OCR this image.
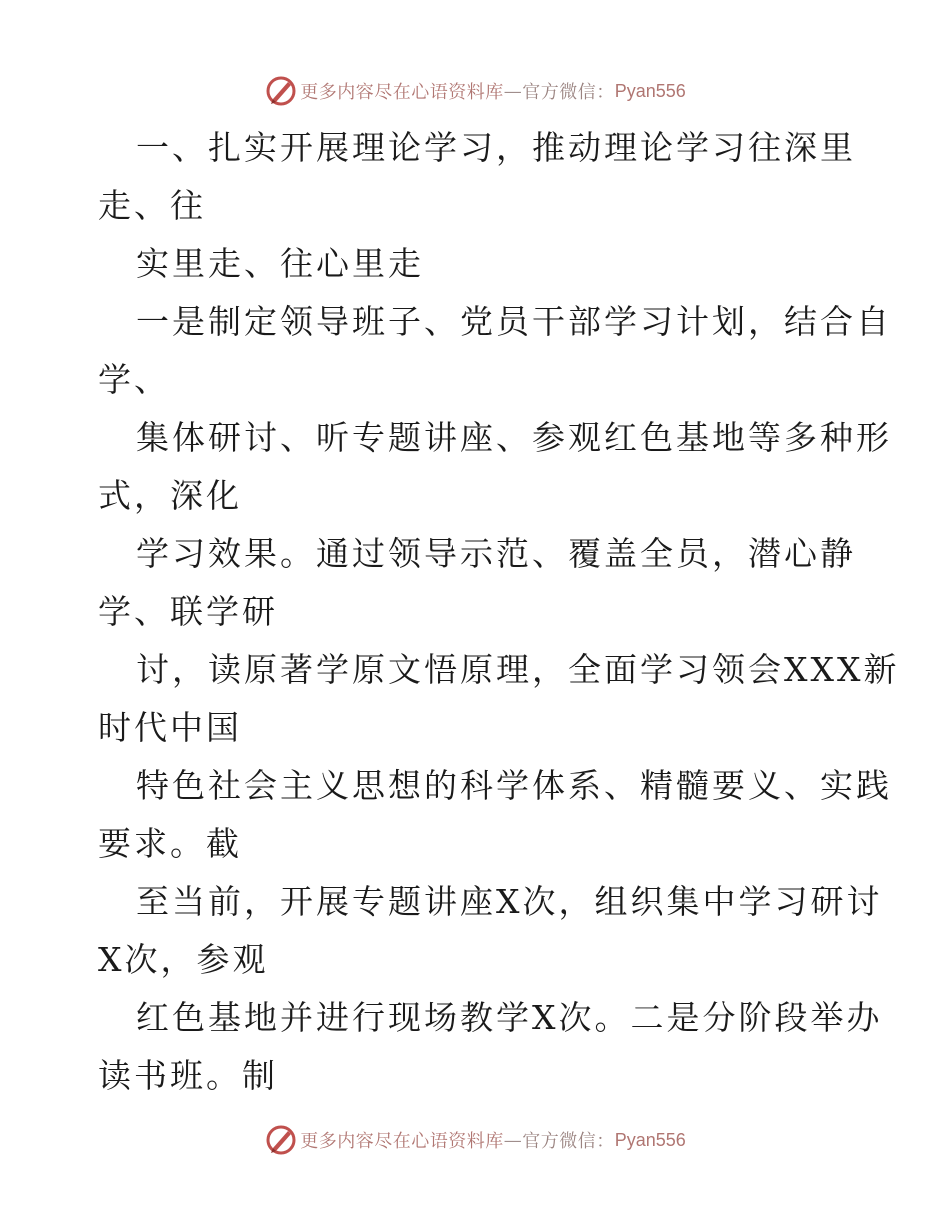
更多内容尽在心语资料库 — 官方微信： Pyan556
一、扎实开展理论学习，推动理论学习往深里
走、往
实里走、往心里走
一是制定领导班子、党员干部学习计划，结合自
学、
集体研讨、听专题讲座、参观红色基地等多种形
式，深化
学习效果。通过领导示范、覆盖全员，潜心静
学、联学研
讨，读原著学原文悟原理，全面学习领会XXX新
时代中国
特色社会主义思想的科学体系、精髓要义、实践
要求。截
至当前，开展专题讲座X次，组织集中学习研讨
X次，参观
红色基地并进行现场教学X次。二是分阶段举办
读书班。制
更多内容尽在心语资料库 — 官方微信： Pyan556
